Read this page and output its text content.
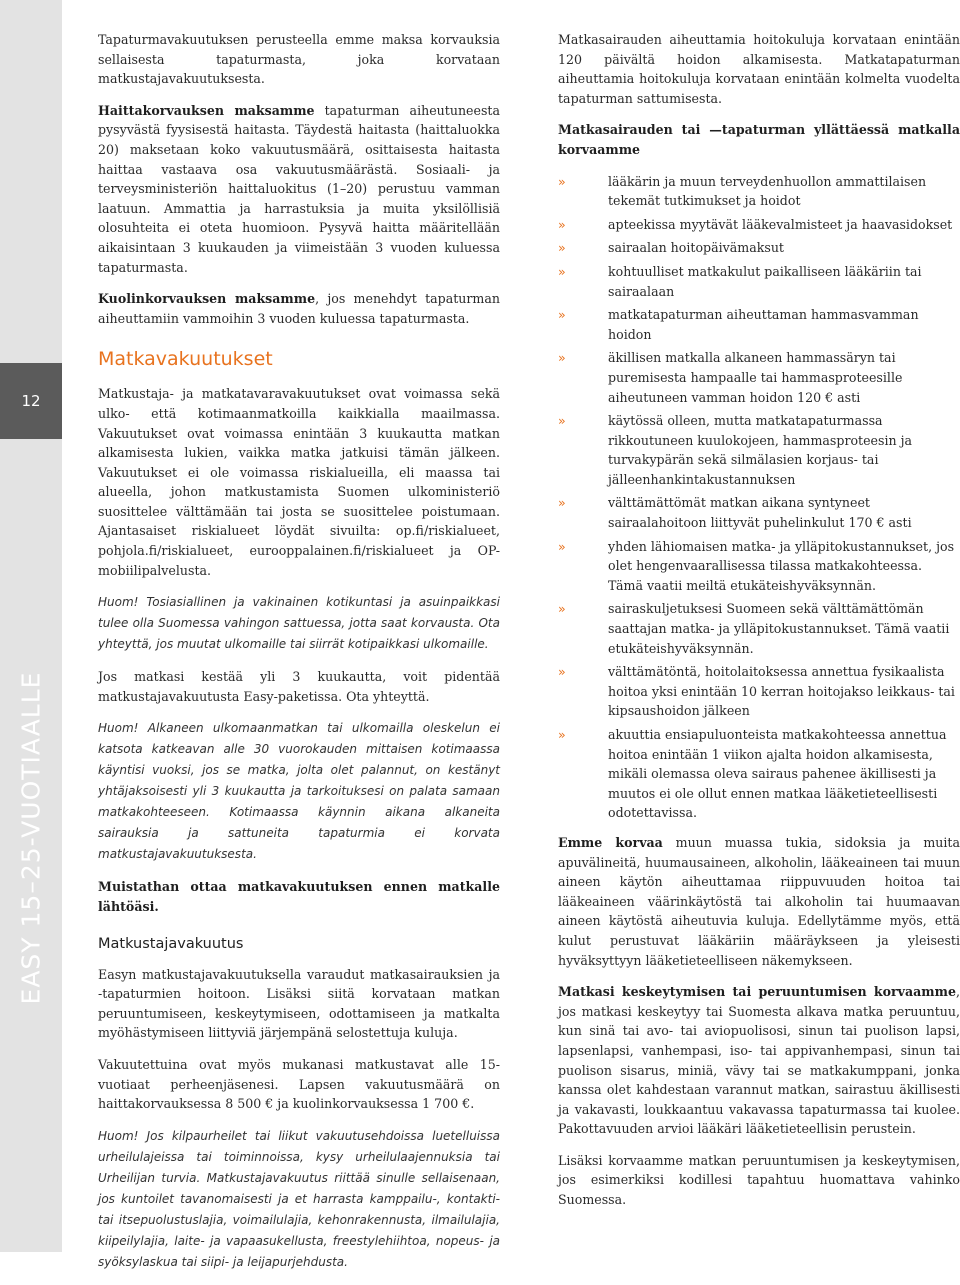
12
EASY 15–25-VUOTIAALLE

Tapaturmavakuutuksen perusteella emme maksa korvauksia sellaisesta tapaturmasta, joka korvataan matkustajavakuutuksesta.

Haittakorvauksen maksamme tapaturman aiheutuneesta pysyvästä fyysisestä haitasta. Täydestä haitasta (haittaluokka 20) maksetaan koko vakuutusmäärä, osittaisesta haitasta haittaa vastaava osa vakuutusmäärästä. Sosiaali- ja terveysministeriön haittaluokitus (1–20) perustuu vamman laatuun. Ammattia ja harrastuksia ja muita yksilöllisiä olosuhteita ei oteta huomioon. Pysyvä haitta määritellään aikaisintaan 3 kuukauden ja viimeistään 3 vuoden kuluessa tapaturmasta.

Kuolinkorvauksen maksamme, jos menehdyt tapaturman aiheuttamiin vammoihin 3 vuoden kuluessa tapaturmasta.

Matkavakuutukset

Matkustaja- ja matkatavaravakuutukset ovat voimassa sekä ulko- että kotimaanmatkoilla kaikkialla maailmassa. Vakuutukset ovat voimassa enintään 3 kuukautta matkan alkamisesta lukien, vaikka matka jatkuisi tämän jälkeen. Vakuutukset ei ole voimassa riskialueilla, eli maassa tai alueella, johon matkustamista Suomen ulkoministeriö suosittelee välttämään tai josta se suosittelee poistumaan. Ajantasaiset riskialueet löydät sivuilta: op.fi/riskialueet, pohjola.fi/riskialueet, eurooppalainen.fi/riskialueet ja OP-mobiilipalvelusta.

Huom! Tosiasiallinen ja vakinainen kotikuntasi ja asuinpaikkasi tulee olla Suomessa vahingon sattuessa, jotta saat korvausta. Ota yhteyttä, jos muutat ulkomaille tai siirrät kotipaikkasi ulkomaille.

Jos matkasi kestää yli 3 kuukautta, voit pidentää matkustajavakuutusta Easy-paketissa. Ota yhteyttä.

Huom! Alkaneen ulkomaanmatkan tai ulkomailla oleskelun ei katsota katkeavan alle 30 vuorokauden mittaisen kotimaassa käyntisi vuoksi, jos se matka, jolta olet palannut, on kestänyt yhtäjaksoisesti yli 3 kuukautta ja tarkoituksesi on palata samaan matkakohteeseen. Kotimaassa käynnin aikana alkaneita sairauksia ja sattuneita tapaturmia ei korvata matkustajavakuutuksesta.

Muistathan ottaa matkavakuutuksen ennen matkalle lähtöäsi.

Matkustajavakuutus

Easyn matkustajavakuutuksella varaudut matkasairauksien ja -tapaturmien hoitoon. Lisäksi siitä korvataan matkan peruuntumiseen, keskeytymiseen, odottamiseen ja matkalta myöhästymiseen liittyviä järjempänä selostettuja kuluja.

Vakuutettuina ovat myös mukanasi matkustavat alle 15-vuotiaat perheenjäsenesi. Lapsen vakuutusmäärä on haittakorvauksessa 8 500 € ja kuolinkorvauksessa 1 700 €.

Huom! Jos kilpaurheilet tai liikut vakuutusehdoissa luetelluissa urheilulajeissa tai toiminnoissa, kysy urheilulaajennuksia tai Urheilijan turvia. Matkustajavakuutus riittää sinulle sellaisenaan, jos kuntoilet tavanomaisesti ja et harrasta kamppailu-, kontakti- tai itsepuolustuslajia, voimailulajia, kehonrakennusta, ilmailulajia, kiipeilylajia, laite- ja vapaasukellusta, freestylehiihtoa, nopeus- ja syöksylaskua tai siipi- ja leijapurjehdusta.

Matkasairauden aiheuttamia hoitokuluja korvataan enintään 120 päivältä hoidon alkamisesta. Matkatapaturman aiheuttamia hoitokuluja korvataan enintään kolmelta vuodelta tapaturman sattumisesta.

Matkasairauden tai —tapaturman yllättäessä matkalla korvaamme

»	lääkärin ja muun terveydenhuollon ammattilaisen tekemät tutkimukset ja hoidot
»	apteekissa myytävät lääkevalmisteet ja haavasidokset
»	sairaalan hoitopäivämaksut
»	kohtuulliset matkakulut paikalliseen lääkäriin tai sairaalaan
»	matkatapaturman aiheuttaman hammasvamman hoidon
»	äkillisen matkalla alkaneen hammassäryn tai puremisesta hampaalle tai hammasproteesille aiheutuneen vamman hoidon 120 € asti
»	käytössä olleen, mutta matkatapaturmassa rikkoutuneen kuulokojeen, hammasproteesin ja turvakypärän sekä silmälasien korjaus- tai jälleenhankintakustannuksen
»	välttämättömät matkan aikana syntyneet sairaalahoitoon liittyvät puhelinkulut 170 € asti
»	yhden lähiomaisen matka- ja ylläpitokustannukset, jos olet hengenvaarallisessa tilassa matkakohteessa. Tämä vaatii meiltä etukäteishyväksynnän.
»	sairaskuljetuksesi Suomeen sekä välttämättömän saattajan matka- ja ylläpitokustannukset. Tämä vaatii etukäteishyväksynnän.
»	välttämätöntä, hoitolaitoksessa annettua fysikaalista hoitoa yksi enintään 10 kerran hoitojakso leikkaus- tai kipsaushoidon jälkeen
»	akuuttia ensiapuluonteista matkakohteessa annettua hoitoa enintään 1 viikon ajalta hoidon alkamisesta, mikäli olemassa oleva sairaus pahenee äkillisesti ja muutos ei ole ollut ennen matkaa lääketieteellisesti odotettavissa.

Emme korvaa muun muassa tukia, sidoksia ja muita apuvälineitä, huumausaineen, alkoholin, lääkeaineen tai muun aineen käytön aiheuttamaa riippuvuuden hoitoa tai lääkeaineen väärinkäytöstä tai alkoholin tai huumaavan aineen käytöstä aiheutuvia kuluja. Edellytämme myös, että kulut perustuvat lääkäriin määräykseen ja yleisesti hyväksyttyyn lääketieteelliseen näkemykseen.

Matkasi keskeytymisen tai peruuntumisen korvaamme, jos matkasi keskeytyy tai Suomesta alkava matka peruuntuu, kun sinä tai avo- tai aviopuolisosi, sinun tai puolison lapsi, lapsenlapsi, vanhempasi, iso- tai appivanhempasi, sinun tai puolison sisarus, miniä, vävy tai se matkakumppani, jonka kanssa olet kahdestaan varannut matkan, sairastuu äkillisesti ja vakavasti, loukkaantuu vakavassa tapaturmassa tai kuolee. Pakottavuuden arvioi lääkäri lääketieteellisin perustein.

Lisäksi korvaamme matkan peruuntumisen ja keskeytymisen, jos esimerkiksi kodillesi tapahtuu huomattava vahinko Suomessa.
